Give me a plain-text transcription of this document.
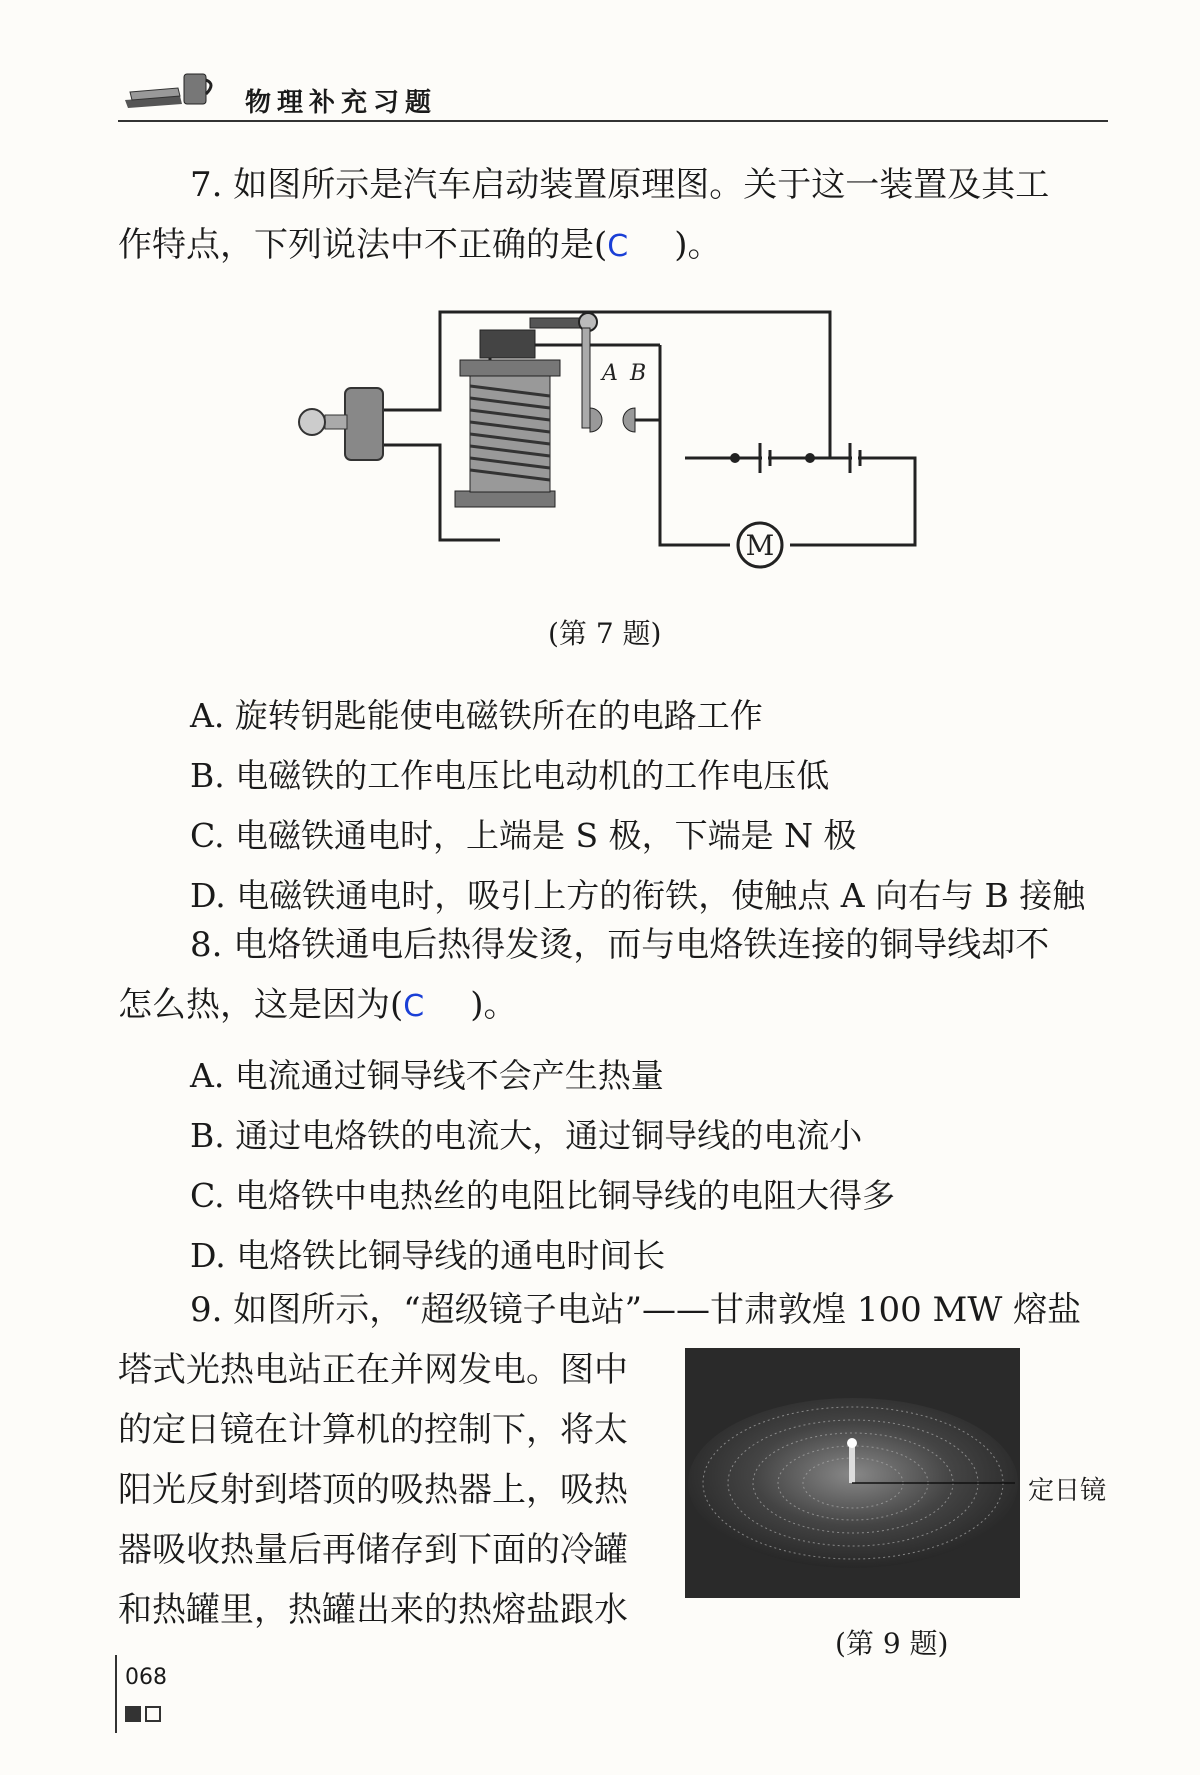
物理补充习题
7. 如图所示是汽车启动装置原理图。关于这一装置及其工
作特点，下列说法中不正确的是(C )。
M
A B
(第 7 题)
A. 旋转钥匙能使电磁铁所在的电路工作
B. 电磁铁的工作电压比电动机的工作电压低
C. 电磁铁通电时，上端是 S 极，下端是 N 极
D. 电磁铁通电时，吸引上方的衔铁，使触点 A 向右与 B 接触
8. 电烙铁通电后热得发烫，而与电烙铁连接的铜导线却不
怎么热，这是因为(C )。
A. 电流通过铜导线不会产生热量
B. 通过电烙铁的电流大，通过铜导线的电流小
C. 电烙铁中电热丝的电阻比铜导线的电阻大得多
D. 电烙铁比铜导线的通电时间长
9. 如图所示，“超级镜子电站”——甘肃敦煌 100 MW 熔盐
塔式光热电站正在并网发电。图中
的定日镜在计算机的控制下，将太
阳光反射到塔顶的吸热器上，吸热
器吸收热量后再储存到下面的冷罐
和热罐里，热罐出来的热熔盐跟水
定日镜
(第 9 题)
068
